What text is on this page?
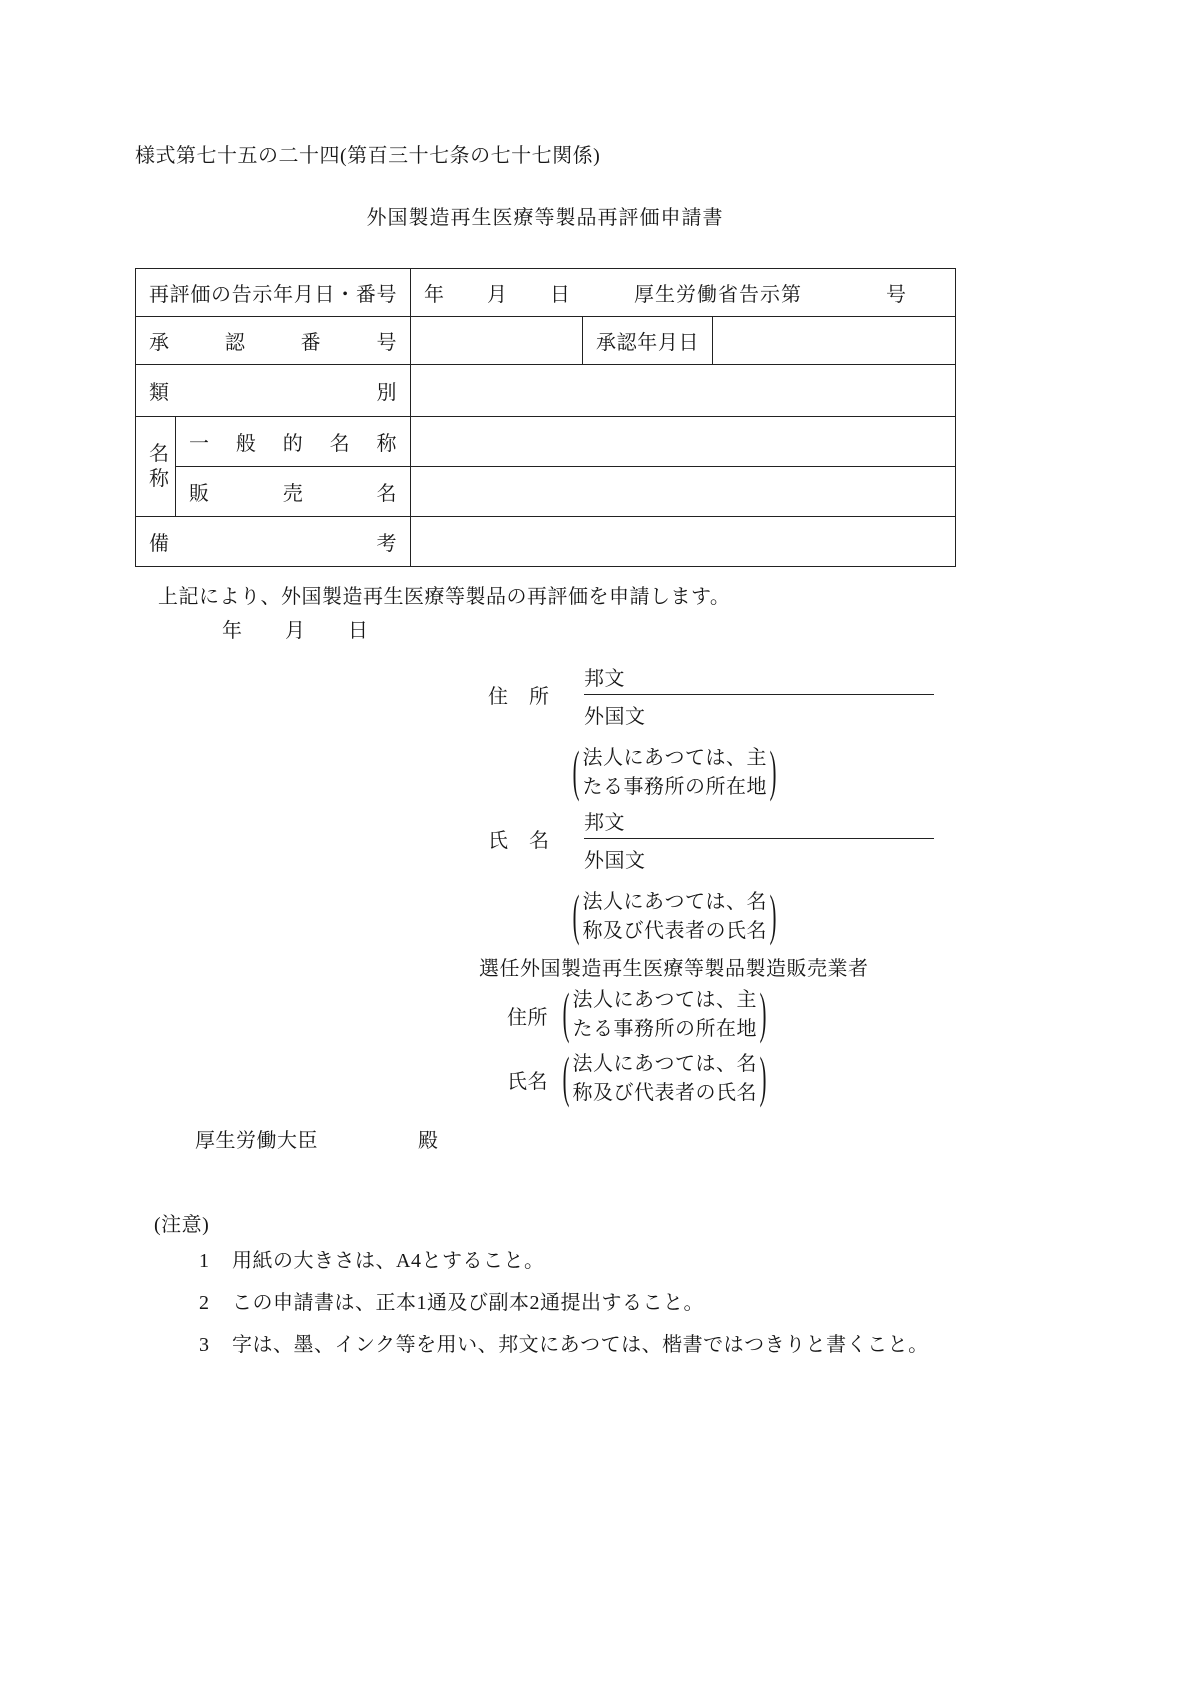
様式第七十五の二十四(第百三十七条の七十七関係)
外国製造再生医療等製品再評価申請書
再評価の告示年月日・番号		年　　月　　日　　　厚生労働省告示第　　　　号		
承 認 番 号			承認年月日	
類 別				
名称	一 般 的 名 称			
	販 売 名			
備 考				
上記により、外国製造再生医療等製品の再評価を申請します。
年　　月　　日
住　所
邦文
外国文
( 法人にあつては、主
たる事務所の所在地 )
氏　名
邦文
外国文
( 法人にあつては、名
称及び代表者の氏名 )
選任外国製造再生医療等製品製造販売業者
住所 ( 法人にあつては、主
たる事務所の所在地 )
氏名 ( 法人にあつては、名
称及び代表者の氏名 )
厚生労働大臣	殿
(注意)
1	用紙の大きさは、A4とすること。
2	この申請書は、正本1通及び副本2通提出すること。
3	字は、墨、インク等を用い、邦文にあつては、楷書ではつきりと書くこと。
